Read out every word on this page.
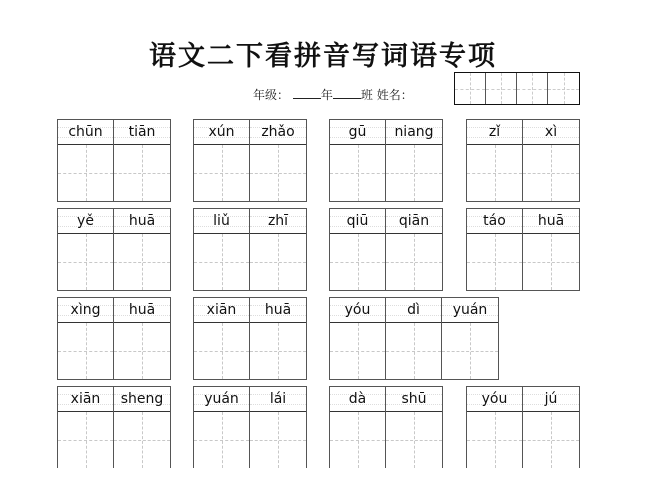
语文二下看拼音写词语专项
年级：	年 班 姓名：
chūn	tiān	xún	zhǎo	gū	niang	zǐ	xì
yě	huā	liǔ	zhī	qiū	qiān	táo	huā
xìng	huā	xiān	huā	yóu	dì	yuán
xiān	sheng	yuán	lái	dà	shū	yóu	jú
